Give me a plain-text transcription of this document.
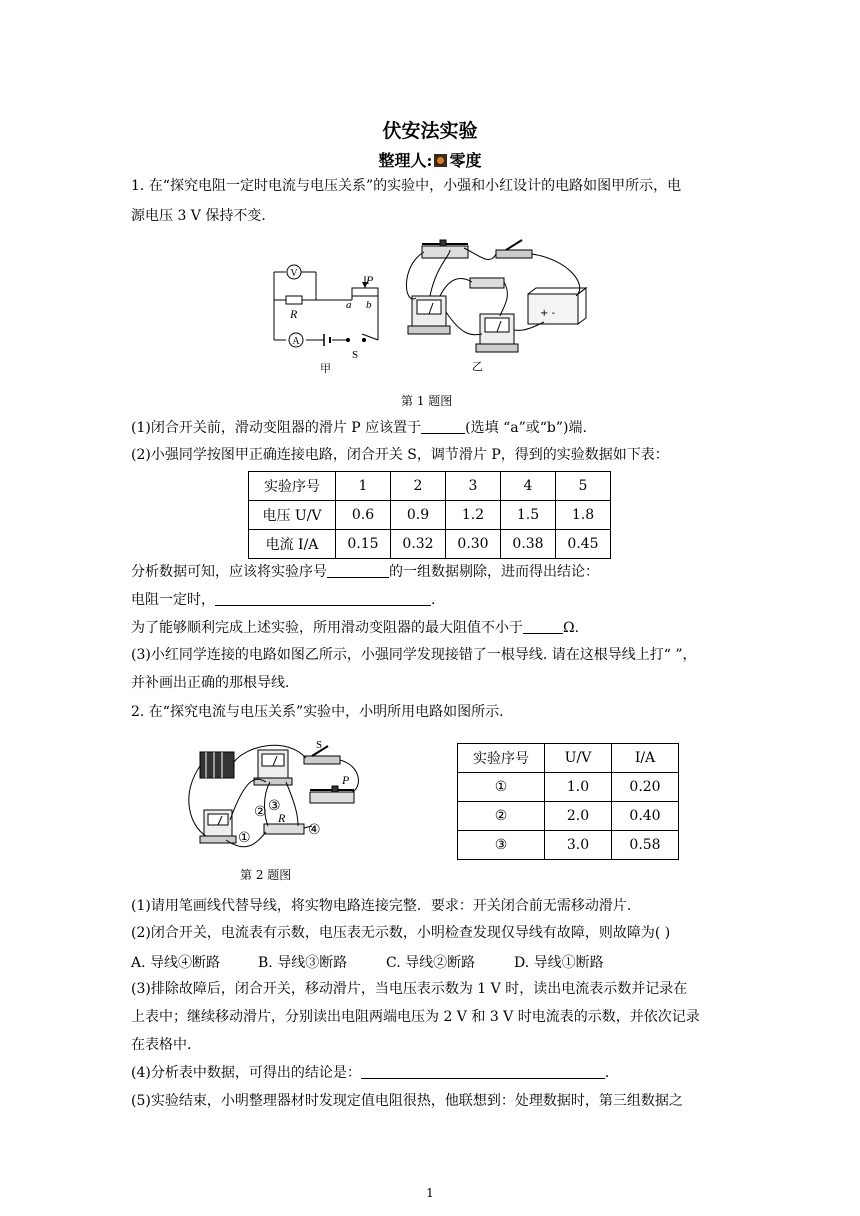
伏安法实验
整理人: 零度
1. 在“探究电阻一定时电流与电压关系”的实验中，小强和小红设计的电路如图甲所示，电
源电压 3 V 保持不变.
V
A
R
P
a b
S
甲
+ -
乙
第 1 题图
(1)闭合开关前，滑动变阻器的滑片 P 应该置于	(选填 “a”或“b”)端.
(2)小强同学按图甲正确连接电路，闭合开关 S，调节滑片 P，得到的实验数据如下表：
实验序号	1	2	3	4	5
电压 U/V	0.6	0.9	1.2	1.5	1.8
电流 I/A	0.15	0.32	0.30	0.38	0.45
分析数据可知，应该将实验序号	的一组数据剔除，进而得出结论：
电阻一定时，	.
为了能够顺利完成上述实验，所用滑动变阻器的最大阻值不小于	Ω.
(3)小红同学连接的电路如图乙所示，小强同学发现接错了一根导线. 请在这根导线上打“ ”，
并补画出正确的那根导线.
2. 在“探究电流与电压关系”实验中，小明所用电路如图所示.
S
P
R
①
② ③
④
第 2 题图
实验序号	U/V	I/A
①	1.0	0.20
②	2.0	0.40
③	3.0	0.58
(1)请用笔画线代替导线，将实物电路连接完整．要求：开关闭合前无需移动滑片.
(2)闭合开关，电流表有示数，电压表无示数，小明检查发现仅导线有故障，则故障为( )
A. 导线④断路	B. 导线③断路	C. 导线②断路	D. 导线①断路
(3)排除故障后，闭合开关，移动滑片，当电压表示数为 1 V 时，读出电流表示数并记录在
上表中；继续移动滑片，分别读出电阻两端电压为 2 V 和 3 V 时电流表的示数，并依次记录
在表格中.
(4)分析表中数据，可得出的结论是：	.
(5)实验结束，小明整理器材时发现定值电阻很热，他联想到：处理数据时，第三组数据之
1
